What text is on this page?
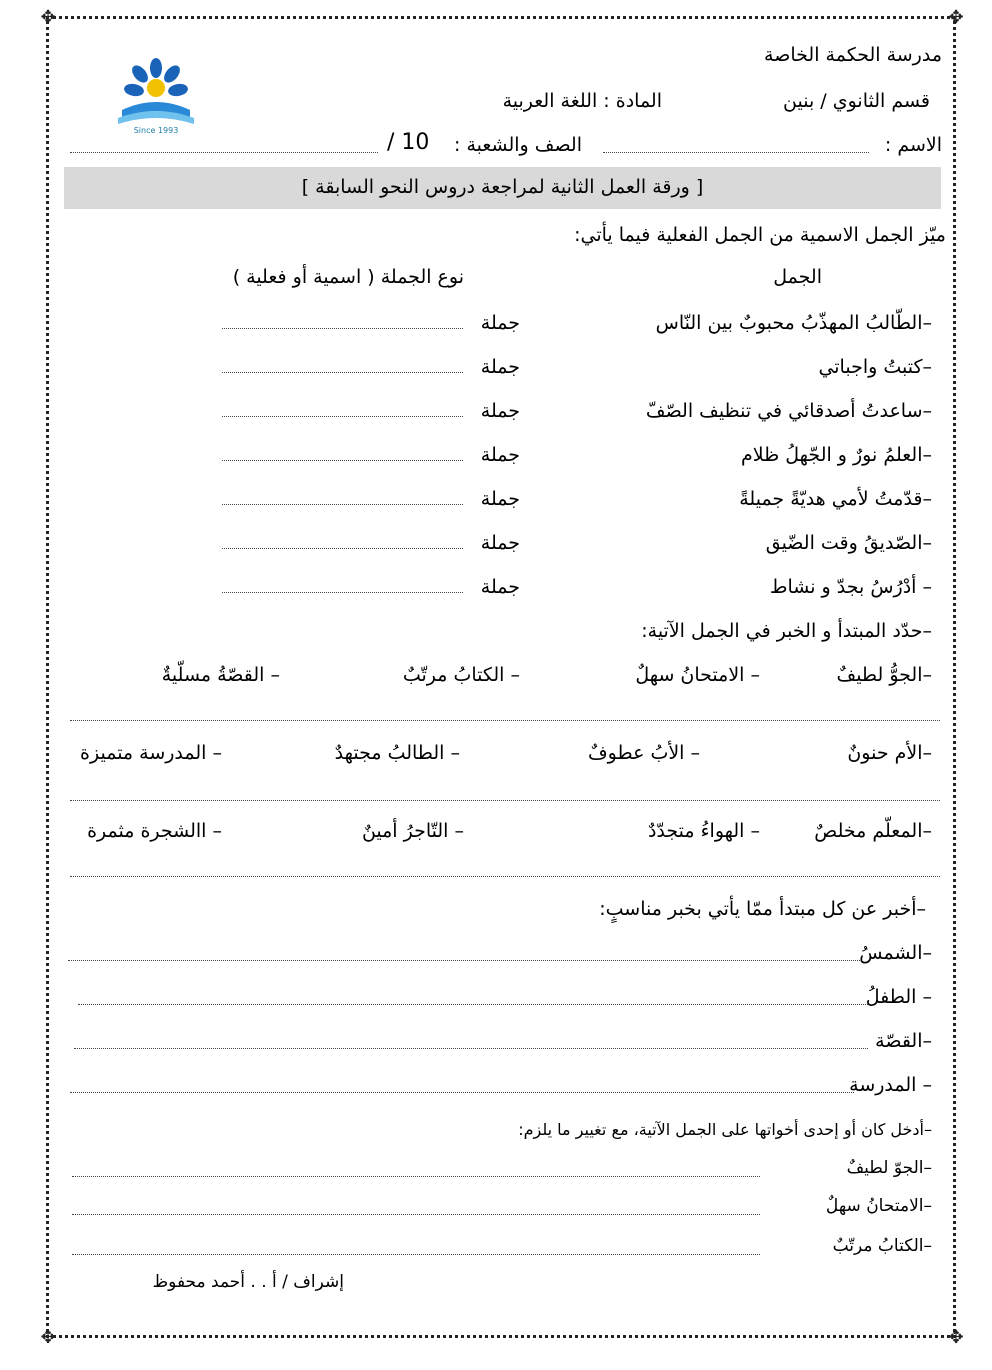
✥	✥
✥	✥
مدرسة الحكمة الخاصة
قسم الثانوي / بنين
المادة : اللغة العربية
Since 1993
الاسم :
الصف والشعبة :
10 /
[ ورقة العمل الثانية لمراجعة دروس النحو السابقة ]
ميّز الجمل الاسمية من الجمل الفعلية فيما يأتي:
الجمل
نوع الجملة ( اسمية أو فعلية )
–الطّالبُ المهذّبُ محبوبٌ بين النّاس
جملة
–كتبتُ واجباتي
جملة
–ساعدتُ أصدقائي في تنظيف الصّفّ
جملة
–العلمُ نورٌ و الجّهلُ ظلام
جملة
–قدّمتُ لأمي هديّةً جميلةً
جملة
–الصّديقُ وقت الضّيق
جملة
– أدْرُسُ بجدّ و نشاط
جملة
–حدّد المبتدأ و الخبر في الجمل الآتية:
–الجوُّ لطيفٌ
– الامتحانُ سهلٌ
– الكتابُ مرتّبٌ
– القصّةُ مسلّيةٌ
–الأم حنونٌ
– الأبُ عطوفٌ
– الطالبُ مجتهدٌ
– المدرسة متميزة
–المعلّم مخلصٌ
– الهواءُ متجدّدٌ
– التّاجرُ أمينٌ
– االشجرة مثمرة
–أخبر عن كل مبتدأ ممّا يأتي بخبر مناسبٍ:
–الشمسُ
– الطفلُ
–القصّة
– المدرسة
–أدخل كان أو إحدى أخواتها على الجمل الآتية، مع تغيير ما يلزم:
–الجوّ لطيفٌ
–الامتحانُ سهلٌ
–الكتابُ مرتّبٌ
إشراف / أ . . أحمد محفوظ
